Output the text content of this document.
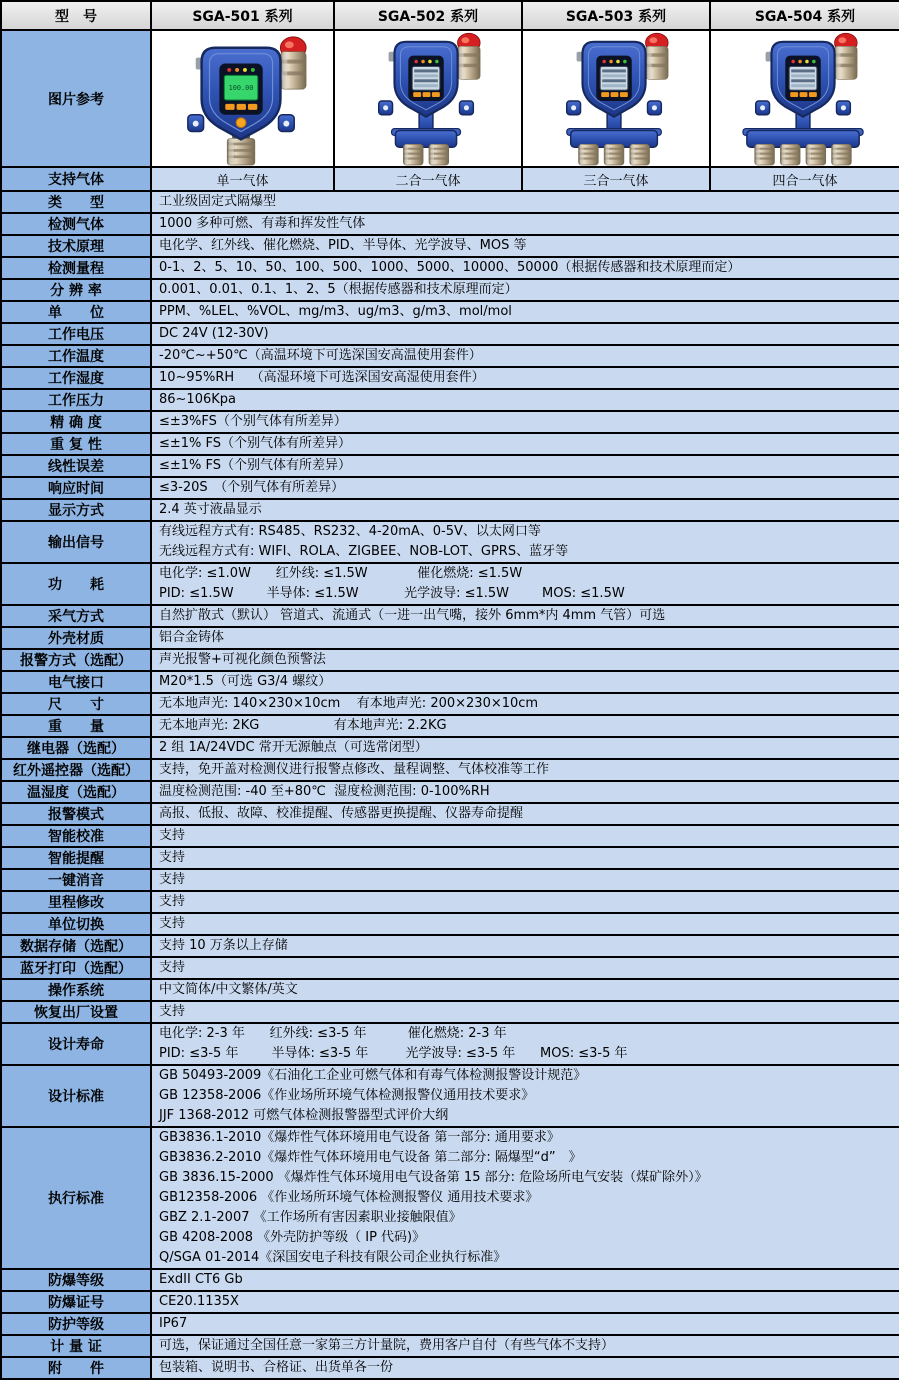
型　号	SGA-501 系列	SGA-502 系列	SGA-503 系列	SGA-504 系列
图片参考	100.00

支持气体	单一气体	二合一气体	三合一气体	四合一气体
类　　型	工业级固定式隔爆型			

检测气体	1000 多种可燃、有毒和挥发性气体			

技术原理	电化学、红外线、催化燃烧、PID、半导体、光学波导、MOS 等			

检测量程	0-1、2、5、10、50、100、500、1000、5000、10000、50000（根据传感器和技术原理而定）			

分 辨 率	0.001、0.01、0.1、1、2、5（根据传感器和技术原理而定）			

单　　位	PPM、%LEL、%VOL、mg/m3、ug/m3、g/m3、mol/mol			

工作电压	DC 24V (12-30V)			

工作温度	-20℃~+50℃（高温环境下可选深国安高温使用套件）			

工作湿度	10~95%RH    （高湿环境下可选深国安高湿使用套件）			

工作压力	86~106Kpa			

精 确 度	≤±3%FS（个别气体有所差异）			

重 复 性	≤±1% FS（个别气体有所差异）			

线性误差	≤±1% FS（个别气体有所差异）			

响应时间	≤3-20S　（个别气体有所差异）			

显示方式	2.4 英寸液晶显示			

输出信号	有线远程方式有: RS485、RS232、4-20mA、0-5V、以太网口等
无线远程方式有: WIFI、ROLA、ZIGBEE、NOB-LOT、GPRS、蓝牙等			

功　　耗	电化学: ≤1.0W      红外线: ≤1.5W            催化燃烧: ≤1.5W
PID: ≤1.5W        半导体: ≤1.5W           光学波导: ≤1.5W        MOS: ≤1.5W			

采气方式	自然扩散式（默认） 管道式、流通式（一进一出气嘴，接外 6mm*内 4mm 气管）可选			

外壳材质	铝合金铸体			

报警方式（选配）	声光报警+可视化颜色预警法			

电气接口	M20*1.5（可选 G3/4 螺纹）			

尺　　寸	无本地声光: 140×230×10cm    有本地声光: 200×230×10cm			

重　　量	无本地声光: 2KG                  有本地声光: 2.2KG			

继电器（选配）	2 组 1A/24VDC 常开无源触点（可选常闭型）			

红外遥控器（选配）	支持，免开盖对检测仪进行报警点修改、量程调整、气体校准等工作			

温湿度（选配）	温度检测范围: -40 至+80℃  湿度检测范围: 0-100%RH			

报警模式	高报、低报、故障、校准提醒、传感器更换提醒、仪器寿命提醒			

智能校准	支持			

智能提醒	支持			

一键消音	支持			

里程修改	支持			

单位切换	支持			

数据存储（选配）	支持 10 万条以上存储			

蓝牙打印（选配）	支持			

操作系统	中文简体/中文繁体/英文			

恢复出厂设置	支持			

设计寿命	电化学: 2-3 年      红外线: ≤3-5 年          催化燃烧: 2-3 年
PID: ≤3-5 年        半导体: ≤3-5 年         光学波导: ≤3-5 年      MOS: ≤3-5 年			

设计标准	GB 50493-2009《石油化工企业可燃气体和有毒气体检测报警设计规范》
GB 12358-2006《作业场所环境气体检测报警仪通用技术要求》
JJF 1368-2012 可燃气体检测报警器型式评价大纲			

执行标准	
GB3836.1-2010《爆炸性气体环境用电气设备 第一部分: 通用要求》
GB3836.2-2010《爆炸性气体环境用电气设备 第二部分: 隔爆型“d”　》
GB 3836.15-2000 《爆炸性气体环境用电气设备第 15 部分: 危险场所电气安装（煤矿除外）》
GB12358-2006 《作业场所环境气体检测报警仪 通用技术要求》
GBZ 2.1-2007 《工作场所有害因素职业接触限值》
GB 4208-2008 《外壳防护等级（ IP 代码)》
Q/SGA 01-2014《深国安电子科技有限公司企业执行标准》

防爆等级	ExdII CT6 Gb			

防爆证号	CE20.1135X			

防护等级	IP67			

计 量 证	可选，保证通过全国任意一家第三方计量院，费用客户自付（有些气体不支持）			

附　　件	包装箱、说明书、合格证、出货单各一份			
